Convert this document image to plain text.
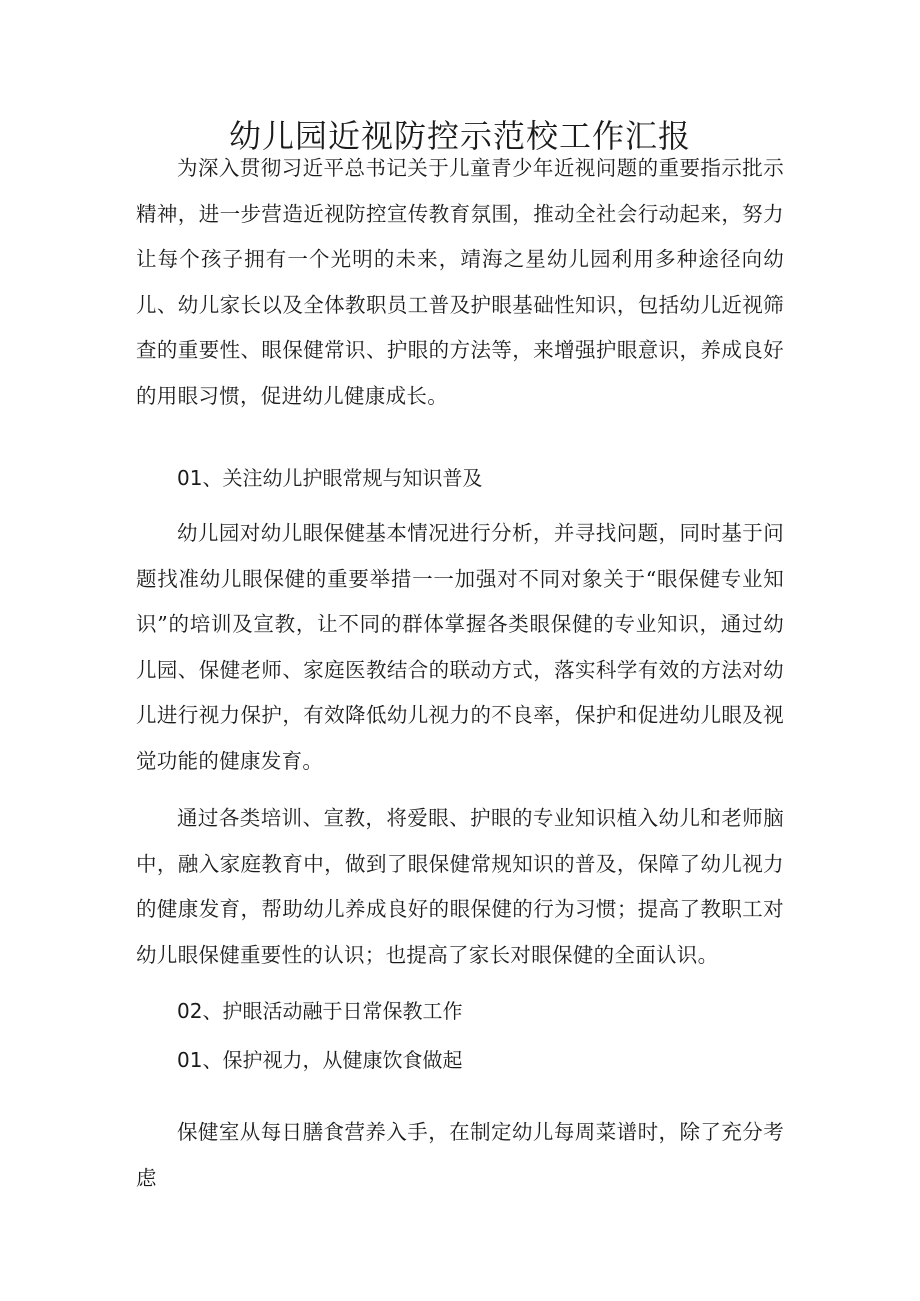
幼儿园近视防控示范校工作汇报

为深入贯彻习近平总书记关于儿童青少年近视问题的重要指示批示精神，进一步营造近视防控宣传教育氛围，推动全社会行动起来，努力让每个孩子拥有一个光明的未来，靖海之星幼儿园利用多种途径向幼儿、幼儿家长以及全体教职员工普及护眼基础性知识，包括幼儿近视筛查的重要性、眼保健常识、护眼的方法等，来增强护眼意识，养成良好的用眼习惯，促进幼儿健康成长。

01、关注幼儿护眼常规与知识普及

幼儿园对幼儿眼保健基本情况进行分析，并寻找问题，同时基于问题找准幼儿眼保健的重要举措一一加强对不同对象关于“眼保健专业知识”的培训及宣教，让不同的群体掌握各类眼保健的专业知识，通过幼儿园、保健老师、家庭医教结合的联动方式，落实科学有效的方法对幼儿进行视力保护，有效降低幼儿视力的不良率，保护和促进幼儿眼及视觉功能的健康发育。

通过各类培训、宣教，将爱眼、护眼的专业知识植入幼儿和老师脑中，融入家庭教育中，做到了眼保健常规知识的普及，保障了幼儿视力的健康发育，帮助幼儿养成良好的眼保健的行为习惯；提高了教职工对幼儿眼保健重要性的认识；也提高了家长对眼保健的全面认识。

02、护眼活动融于日常保教工作

01、保护视力，从健康饮食做起

保健室从每日膳食营养入手，在制定幼儿每周菜谱时，除了充分考虑
